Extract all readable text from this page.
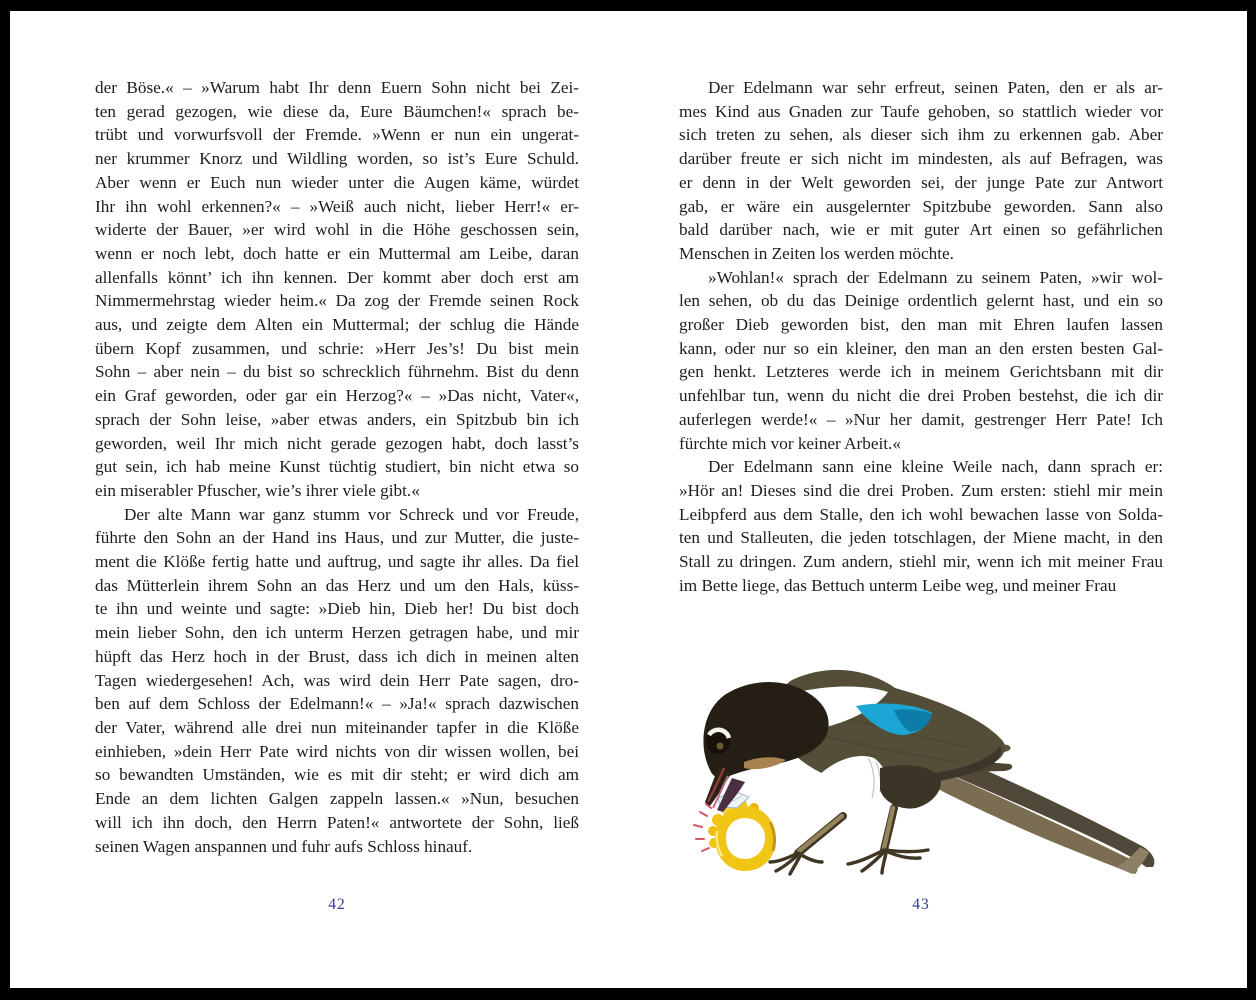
der Böse.« – »Warum habt Ihr denn Euern Sohn nicht bei Zei-
ten gerad gezogen, wie diese da, Eure Bäumchen!« sprach be-
trübt und vorwurfsvoll der Fremde. »Wenn er nun ein ungerat-
ner krummer Knorz und Wildling worden, so ist’s Eure Schuld.
Aber wenn er Euch nun wieder unter die Augen käme, würdet
Ihr ihn wohl erkennen?« – »Weiß auch nicht, lieber Herr!« er-
widerte der Bauer, »er wird wohl in die Höhe geschossen sein,
wenn er noch lebt, doch hatte er ein Muttermal am Leibe, daran
allenfalls könnt’ ich ihn kennen. Der kommt aber doch erst am
Nimmermehrstag wieder heim.« Da zog der Fremde seinen Rock
aus, und zeigte dem Alten ein Muttermal; der schlug die Hände
übern Kopf zusammen, und schrie: »Herr Jes’s! Du bist mein
Sohn – aber nein – du bist so schrecklich führnehm. Bist du denn
ein Graf geworden, oder gar ein Herzog?« – »Das nicht, Vater«,
sprach der Sohn leise, »aber etwas anders, ein Spitzbub bin ich
geworden, weil Ihr mich nicht gerade gezogen habt, doch lasst’s
gut sein, ich hab meine Kunst tüchtig studiert, bin nicht etwa so
ein miserabler Pfuscher, wie’s ihrer viele gibt.«
Der alte Mann war ganz stumm vor Schreck und vor Freude,
führte den Sohn an der Hand ins Haus, und zur Mutter, die juste-
ment die Klöße fertig hatte und auftrug, und sagte ihr alles. Da fiel
das Mütterlein ihrem Sohn an das Herz und um den Hals, küss-
te ihn und weinte und sagte: »Dieb hin, Dieb her! Du bist doch
mein lieber Sohn, den ich unterm Herzen getragen habe, und mir
hüpft das Herz hoch in der Brust, dass ich dich in meinen alten
Tagen wiedergesehen! Ach, was wird dein Herr Pate sagen, dro-
ben auf dem Schloss der Edelmann!« – »Ja!« sprach dazwischen
der Vater, während alle drei nun miteinander tapfer in die Klöße
einhieben, »dein Herr Pate wird nichts von dir wissen wollen, bei
so bewandten Umständen, wie es mit dir steht; er wird dich am
Ende an dem lichten Galgen zappeln lassen.« »Nun, besuchen
will ich ihn doch, den Herrn Paten!« antwortete der Sohn, ließ
seinen Wagen anspannen und fuhr aufs Schloss hinauf.
Der Edelmann war sehr erfreut, seinen Paten, den er als ar-
mes Kind aus Gnaden zur Taufe gehoben, so stattlich wieder vor
sich treten zu sehen, als dieser sich ihm zu erkennen gab. Aber
darüber freute er sich nicht im mindesten, als auf Befragen, was
er denn in der Welt geworden sei, der junge Pate zur Antwort
gab, er wäre ein ausgelernter Spitzbube geworden. Sann also
bald darüber nach, wie er mit guter Art einen so gefährlichen
Menschen in Zeiten los werden möchte.
»Wohlan!« sprach der Edelmann zu seinem Paten, »wir wol-
len sehen, ob du das Deinige ordentlich gelernt hast, und ein so
großer Dieb geworden bist, den man mit Ehren laufen lassen
kann, oder nur so ein kleiner, den man an den ersten besten Gal-
gen henkt. Letzteres werde ich in meinem Gerichtsbann mit dir
unfehlbar tun, wenn du nicht die drei Proben bestehst, die ich dir
auferlegen werde!« – »Nur her damit, gestrenger Herr Pate! Ich
fürchte mich vor keiner Arbeit.«
Der Edelmann sann eine kleine Weile nach, dann sprach er:
»Hör an! Dieses sind die drei Proben. Zum ersten: stiehl mir mein
Leibpferd aus dem Stalle, den ich wohl bewachen lasse von Solda-
ten und Stalleuten, die jeden totschlagen, der Miene macht, in den
Stall zu dringen. Zum andern, stiehl mir, wenn ich mit meiner Frau
im Bette liege, das Bettuch unterm Leibe weg, und meiner Frau
42	43
